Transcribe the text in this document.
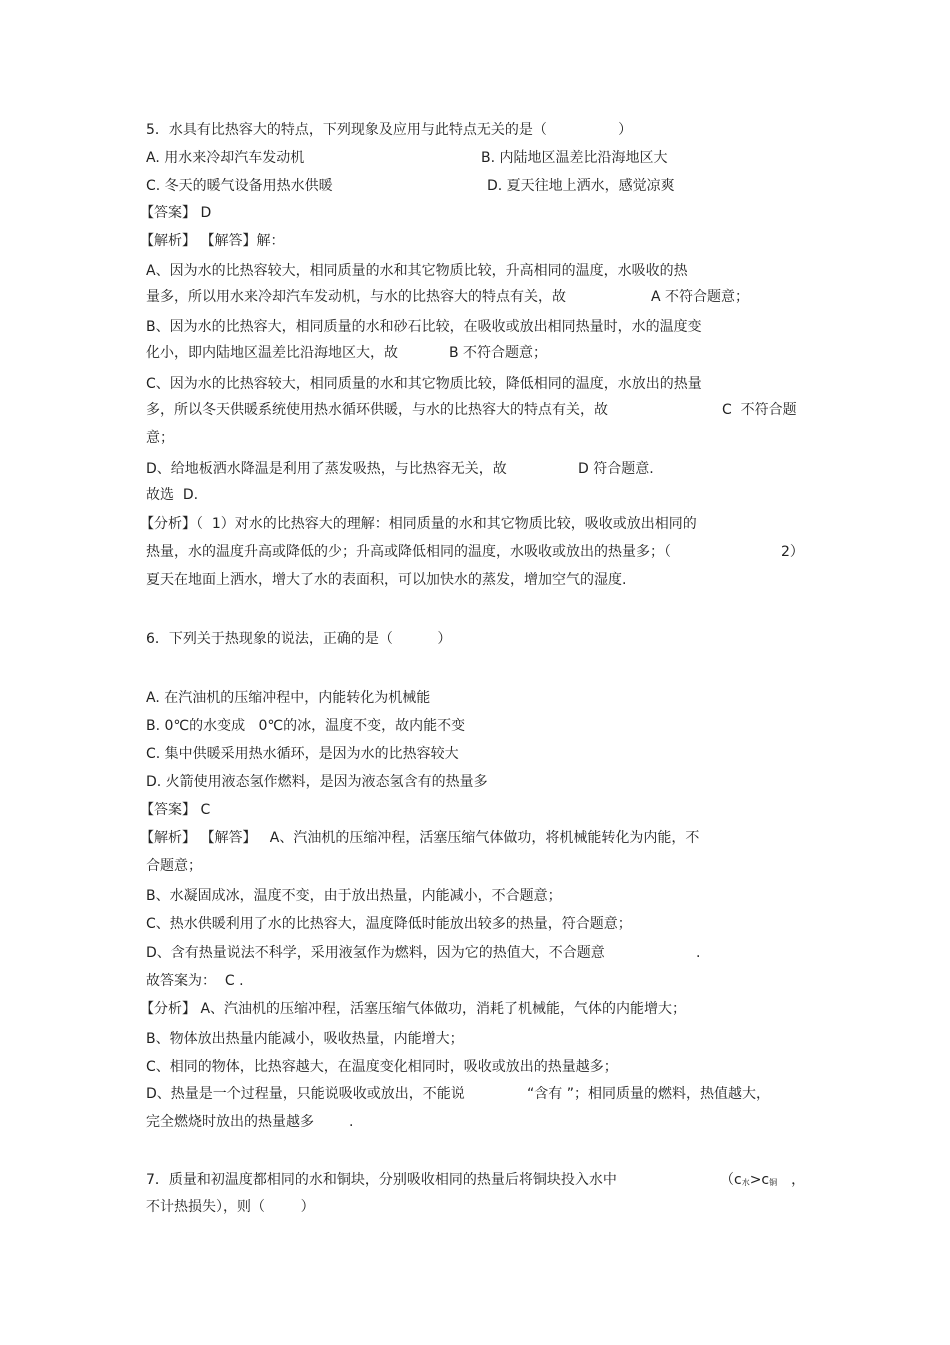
5．水具有比热容大的特点，下列现象及应用与此特点无关的是（                ）
A. 用水来冷却汽车发动机	B. 内陆地区温差比沿海地区大
C. 冬天的暖气设备用热水供暖	D. 夏天往地上洒水，感觉凉爽
【答案】 D
【解析】 【解答】解：
A、因为水的比热容较大，相同质量的水和其它物质比较，升高相同的温度，水吸收的热
量多，所以用水来冷却汽车发动机，与水的比热容大的特点有关，故	A 不符合题意；
B、因为水的比热容大，相同质量的水和砂石比较，在吸收或放出相同热量时，水的温度变
化小，即内陆地区温差比沿海地区大，故	B 不符合题意；
C、因为水的比热容较大，相同质量的水和其它物质比较，降低相同的温度，水放出的热量
多，所以冬天供暖系统使用热水循环供暖，与水的比热容大的特点有关，故	C  不符合题
意；
D、给地板洒水降温是利用了蒸发吸热，与比热容无关，故	D 符合题意.
故选  D.
【分析】（  1）对水的比热容大的理解：相同质量的水和其它物质比较，吸收或放出相同的
热量，水的温度升高或降低的少；升高或降低相同的温度，水吸收或放出的热量多；（	2）
夏天在地面上洒水，增大了水的表面积，可以加快水的蒸发，增加空气的湿度.
6．下列关于热现象的说法，正确的是（          ）
A. 在汽油机的压缩冲程中，内能转化为机械能
B. 0℃的水变成   0℃的冰，温度不变，故内能不变
C. 集中供暖采用热水循环，是因为水的比热容较大
D. 火箭使用液态氢作燃料，是因为液态氢含有的热量多
【答案】 C
【解析】 【解答】   A、汽油机的压缩冲程，活塞压缩气体做功，将机械能转化为内能，不
合题意；
B、水凝固成冰，温度不变，由于放出热量，内能减小，不合题意；
C、热水供暖利用了水的比热容大，温度降低时能放出较多的热量，符合题意；
D、含有热量说法不科学，采用液氢作为燃料，因为它的热值大，不合题意	.
故答案为：  C .
【分析】 A、汽油机的压缩冲程，活塞压缩气体做功，消耗了机械能，气体的内能增大；
B、物体放出热量内能减小，吸收热量，内能增大；
C、相同的物体，比热容越大，在温度变化相同时，吸收或放出的热量越多；
D、热量是一个过程量，只能说吸收或放出，不能说	“含有 ”；相同质量的燃料，热值越大，
完全燃烧时放出的热量越多	.
7．质量和初温度都相同的水和铜块，分别吸收相同的热量后将铜块投入水中	（$c_水>c_铜$ ，
不计热损失），则（        ）
